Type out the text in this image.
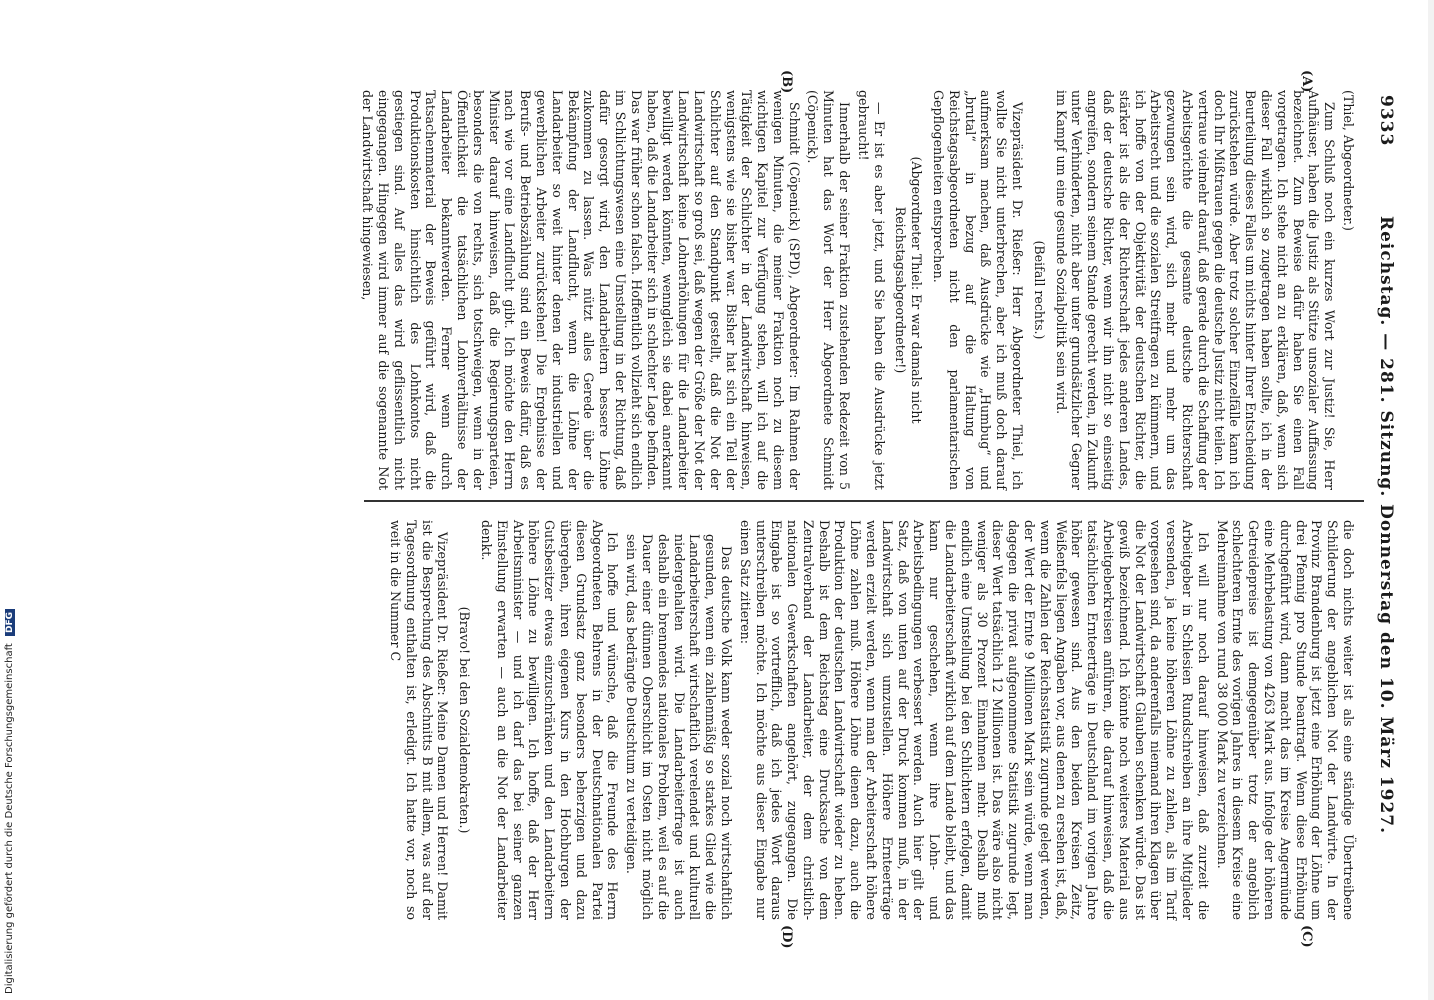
9333
Reichstag. — 281. Sitzung. Donnerstag den 10. März 1927.
(A)
(B)
(C)
(D)

(Thiel, Abgeordneter.)

Zum Schluß noch ein kurzes Wort zur Justiz! Sie, Herr Aufhäuser, haben die Justiz als Stütze unsozialer Auffassung bezeichnet. Zum Beweise dafür haben Sie einen Fall vorgetragen. Ich stehe nicht an zu erklären, daß, wenn sich dieser Fall wirklich so zugetragen haben sollte, ich in der Beurteilung dieses Falles um nichts hinter Ihrer Entscheidung zurückstehen würde. Aber trotz solcher Einzelfälle kann ich doch Ihr Mißtrauen gegen die deutsche Justiz nicht teilen. Ich vertraue vielmehr darauf, daß gerade durch die Schaffung der Arbeitsgerichte die gesamte deutsche Richterschaft gezwungen sein wird, sich mehr und mehr um das Arbeitsrecht und die sozialen Streitfragen zu kümmern, und ich hoffe von der Objektivität der deutschen Richter, die stärker ist als die der Richterschaft jedes anderen Landes, daß der deutsche Richter, wenn wir ihn nicht so einseitig angreifen, sondern seinem Stande gerecht werden, in Zukunft unter Verhinderten, nicht aber unter grundsätzlicher Gegner im Kampf um eine gesunde Sozialpolitik sein wird.

(Beifall rechts.)

Vizepräsident Dr. Rießer: Herr Abgeordneter Thiel, ich wollte Sie nicht unterbrechen, aber ich muß doch darauf aufmerksam machen, daß Ausdrücke wie „Humbug“ und „brutal“ in bezug auf die Haltung von Reichstagsabgeordneten nicht den parlamentarischen Gepflogenheiten entsprechen.

(Abgeordneter Thiel: Er war damals nicht Reichstagsabgeordneter!)

— Er ist es aber jetzt, und Sie haben die Ausdrücke jetzt gebraucht!

Innerhalb der seiner Fraktion zustehenden Redezeit von 5 Minuten hat das Wort der Herr Abgeordnete Schmidt (Cöpenick).

Schmidt (Cöpenick) (SPD), Abgeordneter: Im Rahmen der wenigen Minuten, die meiner Fraktion noch zu diesem wichtigen Kapitel zur Verfügung stehen, will ich auf die Tätigkeit der Schlichter in der Landwirtschaft hinweisen, wenigstens wie sie bisher war. Bisher hat sich ein Teil der Schlichter auf den Standpunkt gestellt, daß die Not der Landwirtschaft so groß sei, daß wegen der Größe der Not der Landwirtschaft keine Lohnerhöhungen für die Landarbeiter bewilligt werden könnten, wenngleich sie dabei anerkannt haben, daß die Landarbeiter sich in schlechter Lage befinden. Das war früher schon falsch. Hoffentlich vollzieht sich endlich im Schlichtungswesen eine Umstellung in der Richtung, daß dafür gesorgt wird, den Landarbeitern bessere Löhne zukommen zu lassen. Was nützt alles Gerede über die Bekämpfung der Landflucht, wenn die Löhne der Landarbeiter so weit hinter denen der industriellen und gewerblichen Arbeiter zurückstehen! Die Ergebnisse der Berufs- und Betriebszählung sind ein Beweis dafür, daß es nach wie vor eine Landflucht gibt. Ich möchte den Herrn Minister darauf hinweisen, daß die Regierungsparteien, besonders die von rechts, sich totschweigen, wenn in der Öffentlichkeit die tatsächlichen Lohnverhältnisse der Landarbeiter bekanntwerden. Ferner wenn durch Tatsachenmaterial der Beweis geführt wird, daß die Produktionskosten hinsichtlich des Lohnkontos nicht gestiegen sind. Auf alles das wird geflissentlich nicht eingegangen. Hingegen wird immer auf die sogenannte Not der Landwirtschaft hingewiesen,

die doch nichts weiter ist als eine ständige Übertreibene Schilderung der angeblichen Not der Landwirte. In der Provinz Brandenburg ist jetzt eine Erhöhung der Löhne um drei Pfennig pro Stunde beantragt. Wenn diese Erhöhung durchgeführt wird, dann macht das im Kreise Angermünde eine Mehrbelastung von 4263 Mark aus. Infolge der höheren Getreidepreise ist demgegenüber trotz der angeblich schlechteren Ernte des vorigen Jahres in diesem Kreise eine Mehreinnahme von rund 38 000 Mark zu verzeichnen.

Ich will nur noch darauf hinweisen, daß zurzeit die Arbeitgeber in Schlesien Rundschreiben an ihre Mitglieder versenden, ja keine höheren Löhne zu zahlen, als im Tarif vorgesehen sind, da anderenfalls niemand ihren Klagen über die Not der Landwirtschaft Glauben schenken würde. Das ist gewiß bezeichnend. Ich könnte noch weiteres Material aus Arbeitgeberkreisen anführen, die darauf hinweisen, daß die tatsächlichen Ernteerträge in Deutschland im vorigen Jahre höher gewesen sind. Aus den beiden Kreisen Zeitz, Weißenfels liegen Angaben vor, aus denen zu ersehen ist, daß, wenn die Zahlen der Reichsstatistik zugrunde gelegt werden, der Wert der Ernte 9 Millionen Mark sein würde, wenn man dagegen die privat aufgenommene Statistik zugrunde legt, dieser Wert tatsächlich 12 Millionen ist. Das wäre also nicht weniger als 30 Prozent Einnahmen mehr. Deshalb muß endlich eine Umstellung bei den Schlichtern erfolgen, damit die Landarbeiterschaft wirklich auf dem Lande bleibt, und das kann nur geschehen, wenn ihre Lohn- und Arbeitsbedingungen verbessert werden. Auch hier gilt der Satz, daß von unten auf der Druck kommen muß, in der Landwirtschaft sich umzustellen. Höhere Ernteerträge werden erzielt werden, wenn man der Arbeiterschaft höhere Löhne zahlen muß. Höhere Löhne dienen dazu, auch die Produktion der deutschen Landwirtschaft wieder zu heben. Deshalb ist dem Reichstag eine Drucksache von dem Zentralverband der Landarbeiter, der dem christlich-nationalen Gewerkschaften angehört, zugegangen. Die Eingabe ist so vortrefflich, daß ich jedes Wort daraus unterschreiben möchte. Ich möchte aus dieser Eingabe nur einen Satz zitieren:

Das deutsche Volk kann weder sozial noch wirtschaftlich gesunden, wenn ein zahlenmäßig so starkes Glied wie die Landarbeiterschaft wirtschaftlich verelendet und kulturell niedergehalten wird. Die Landarbeiterfrage ist auch deshalb ein brennendes nationales Problem, weil es auf die Dauer einer dünnen Oberschicht im Osten nicht möglich sein wird, das bedrängte Deutschtum zu verteidigen.

Ich hoffe und wünsche, daß die Freunde des Herrn Abgeordneten Behrens in der Deutschnationalen Partei diesen Grundsatz ganz besonders beherzigen und dazu übergehen, ihren eigenen Kurs in den Hochburgen der Gutsbesitzer etwas einzuschränken und den Landarbeitern höhere Löhne zu bewilligen. Ich hoffe, daß der Herr Arbeitsminister — und ich darf das bei seiner ganzen Einstellung erwarten — auch an die Not der Landarbeiter denkt.

(Bravo! bei den Sozialdemokraten.)

Vizepräsident Dr. Rießer: Meine Damen und Herren! Damit ist die Besprechung des Abschnitts B mit allem, was auf der Tagesordnung enthalten ist, erledigt. Ich hatte vor, noch so weit in die Nummer C

Digitalisierung gefördert durch die Deutsche Forschungsgemeinschaft DFG
